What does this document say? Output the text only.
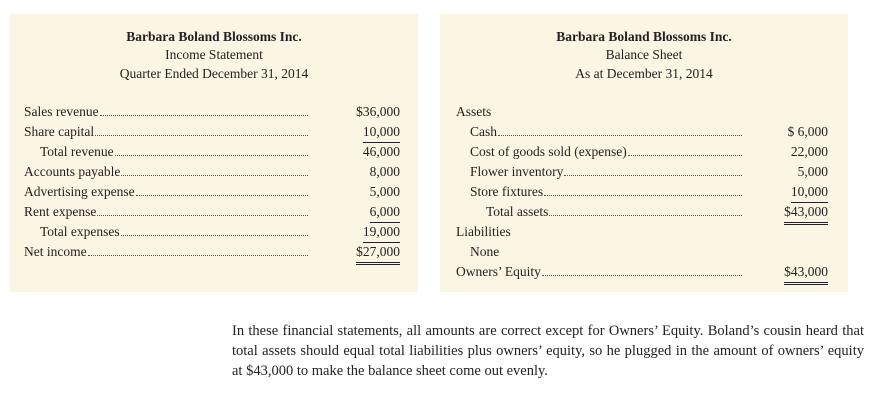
Barbara Boland Blossoms Inc.
Income Statement
Quarter Ended December 31, 2014
Sales revenue	$36,000
Share capital	10,000
Total revenue	46,000
Accounts payable	8,000
Advertising expense	5,000
Rent expense	6,000
Total expenses	19,000
Net income	$27,000
Barbara Boland Blossoms Inc.
Balance Sheet
As at December 31, 2014
Assets
Cash	$ 6,000
Cost of goods sold (expense)	22,000
Flower inventory	5,000
Store fixtures	10,000
Total assets	$43,000
Liabilities
None
Owners’ Equity	$43,000
In these financial statements, all amounts are correct except for Owners’ Equity. Boland’s cousin heard that total assets should equal total liabilities plus owners’ equity, so he plugged in the amount of owners’ equity at $43,000 to make the balance sheet come out evenly.
